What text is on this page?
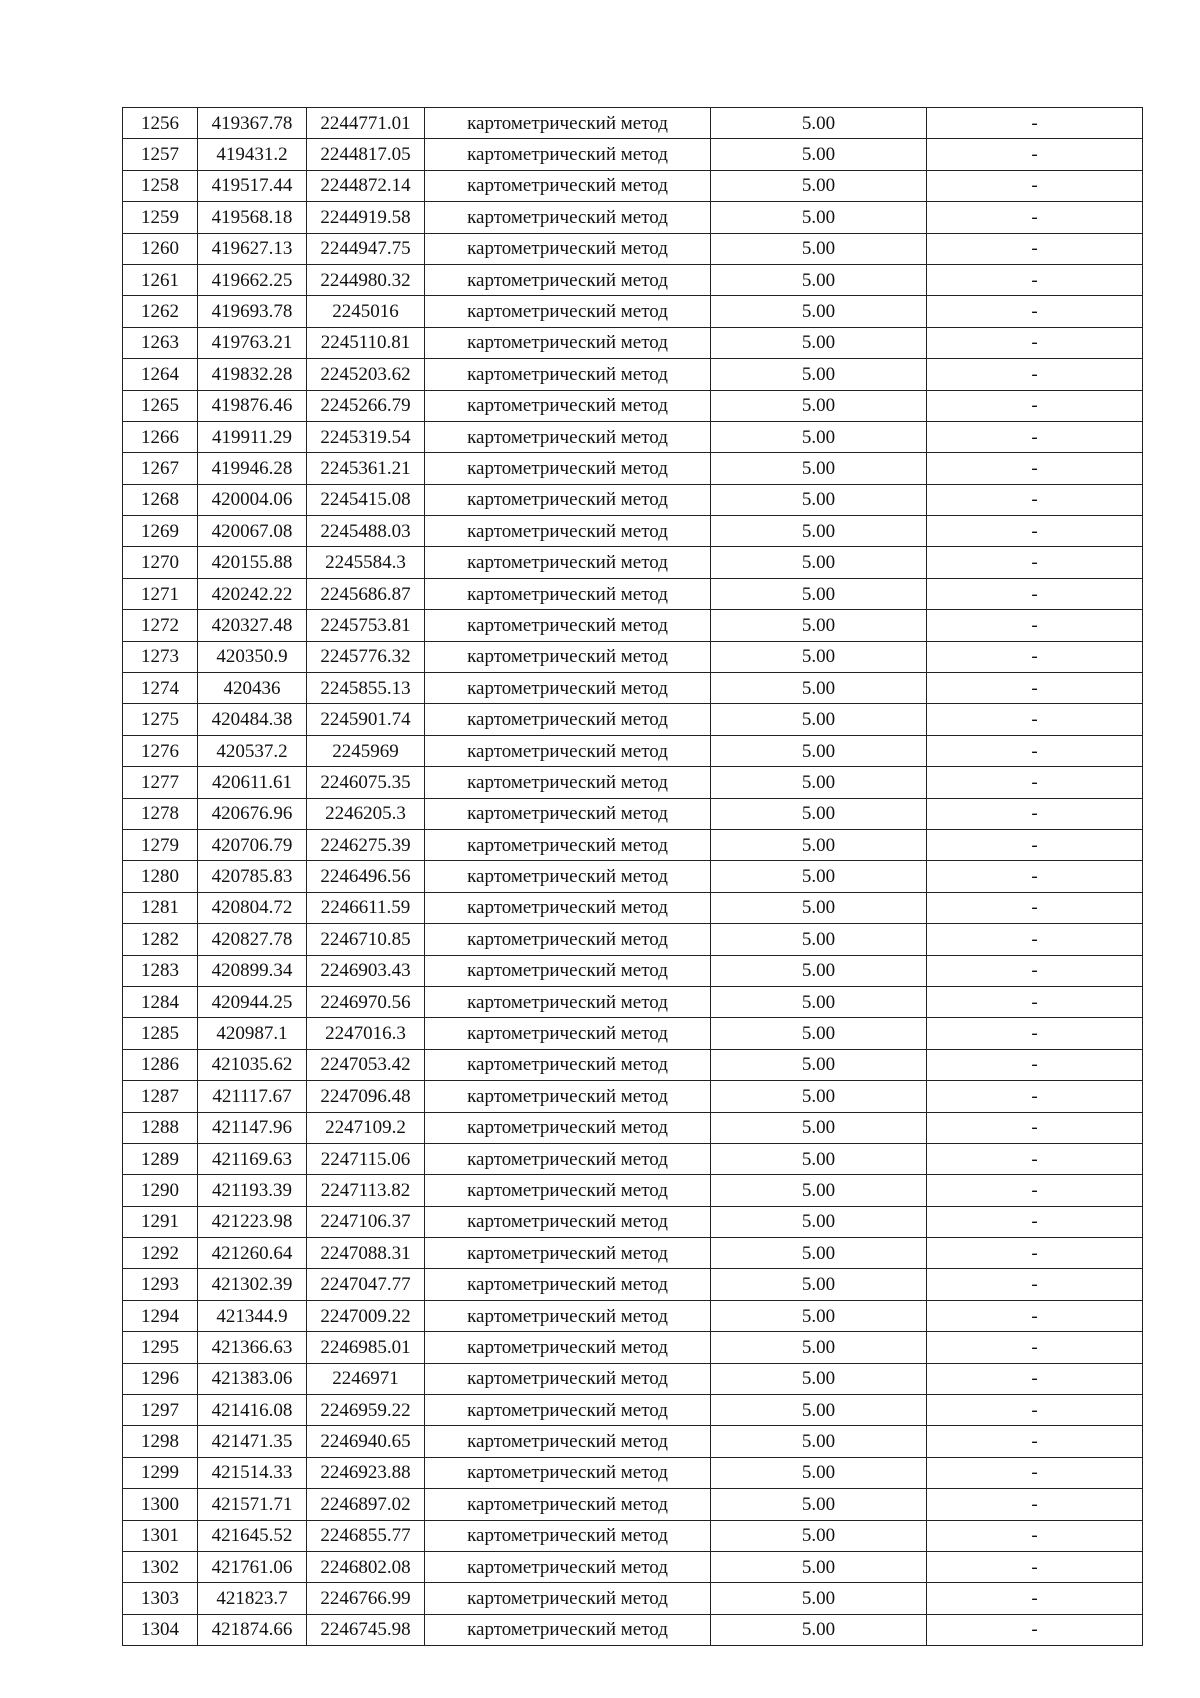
1256	419367.78	2244771.01	картометрический метод	5.00	-
1257	419431.2	2244817.05	картометрический метод	5.00	-
1258	419517.44	2244872.14	картометрический метод	5.00	-
1259	419568.18	2244919.58	картометрический метод	5.00	-
1260	419627.13	2244947.75	картометрический метод	5.00	-
1261	419662.25	2244980.32	картометрический метод	5.00	-
1262	419693.78	2245016	картометрический метод	5.00	-
1263	419763.21	2245110.81	картометрический метод	5.00	-
1264	419832.28	2245203.62	картометрический метод	5.00	-
1265	419876.46	2245266.79	картометрический метод	5.00	-
1266	419911.29	2245319.54	картометрический метод	5.00	-
1267	419946.28	2245361.21	картометрический метод	5.00	-
1268	420004.06	2245415.08	картометрический метод	5.00	-
1269	420067.08	2245488.03	картометрический метод	5.00	-
1270	420155.88	2245584.3	картометрический метод	5.00	-
1271	420242.22	2245686.87	картометрический метод	5.00	-
1272	420327.48	2245753.81	картометрический метод	5.00	-
1273	420350.9	2245776.32	картометрический метод	5.00	-
1274	420436	2245855.13	картометрический метод	5.00	-
1275	420484.38	2245901.74	картометрический метод	5.00	-
1276	420537.2	2245969	картометрический метод	5.00	-
1277	420611.61	2246075.35	картометрический метод	5.00	-
1278	420676.96	2246205.3	картометрический метод	5.00	-
1279	420706.79	2246275.39	картометрический метод	5.00	-
1280	420785.83	2246496.56	картометрический метод	5.00	-
1281	420804.72	2246611.59	картометрический метод	5.00	-
1282	420827.78	2246710.85	картометрический метод	5.00	-
1283	420899.34	2246903.43	картометрический метод	5.00	-
1284	420944.25	2246970.56	картометрический метод	5.00	-
1285	420987.1	2247016.3	картометрический метод	5.00	-
1286	421035.62	2247053.42	картометрический метод	5.00	-
1287	421117.67	2247096.48	картометрический метод	5.00	-
1288	421147.96	2247109.2	картометрический метод	5.00	-
1289	421169.63	2247115.06	картометрический метод	5.00	-
1290	421193.39	2247113.82	картометрический метод	5.00	-
1291	421223.98	2247106.37	картометрический метод	5.00	-
1292	421260.64	2247088.31	картометрический метод	5.00	-
1293	421302.39	2247047.77	картометрический метод	5.00	-
1294	421344.9	2247009.22	картометрический метод	5.00	-
1295	421366.63	2246985.01	картометрический метод	5.00	-
1296	421383.06	2246971	картометрический метод	5.00	-
1297	421416.08	2246959.22	картометрический метод	5.00	-
1298	421471.35	2246940.65	картометрический метод	5.00	-
1299	421514.33	2246923.88	картометрический метод	5.00	-
1300	421571.71	2246897.02	картометрический метод	5.00	-
1301	421645.52	2246855.77	картометрический метод	5.00	-
1302	421761.06	2246802.08	картометрический метод	5.00	-
1303	421823.7	2246766.99	картометрический метод	5.00	-
1304	421874.66	2246745.98	картометрический метод	5.00	-
